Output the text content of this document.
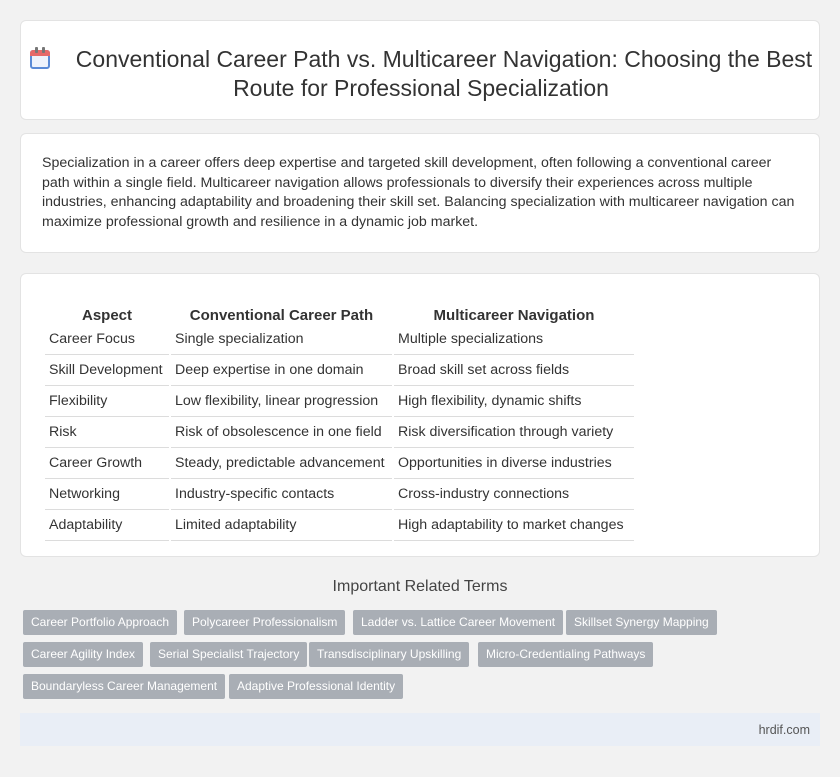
Conventional Career Path vs. Multicareer Navigation: Choosing the Best Route for Professional Specialization

Specialization in a career offers deep expertise and targeted skill development, often following a conventional career path within a single field. Multicareer navigation allows professionals to diversify their experiences across multiple industries, enhancing adaptability and broadening their skill set. Balancing specialization with multicareer navigation can maximize professional growth and resilience in a dynamic job market.

Aspect	Conventional Career Path	Multicareer Navigation
Career Focus	Single specialization	Multiple specializations
Skill Development	Deep expertise in one domain	Broad skill set across fields
Flexibility	Low flexibility, linear progression	High flexibility, dynamic shifts
Risk	Risk of obsolescence in one field	Risk diversification through variety
Career Growth	Steady, predictable advancement	Opportunities in diverse industries
Networking	Industry-specific contacts	Cross-industry connections
Adaptability	Limited adaptability	High adaptability to market changes
Important Related Terms
Career Portfolio Approach	Polycareer Professionalism	Ladder vs. Lattice Career Movement	Skillset Synergy Mapping
Career Agility Index	Serial Specialist Trajectory	Transdisciplinary Upskilling	Micro-Credentialing Pathways
Boundaryless Career Management	Adaptive Professional Identity
hrdif.com
